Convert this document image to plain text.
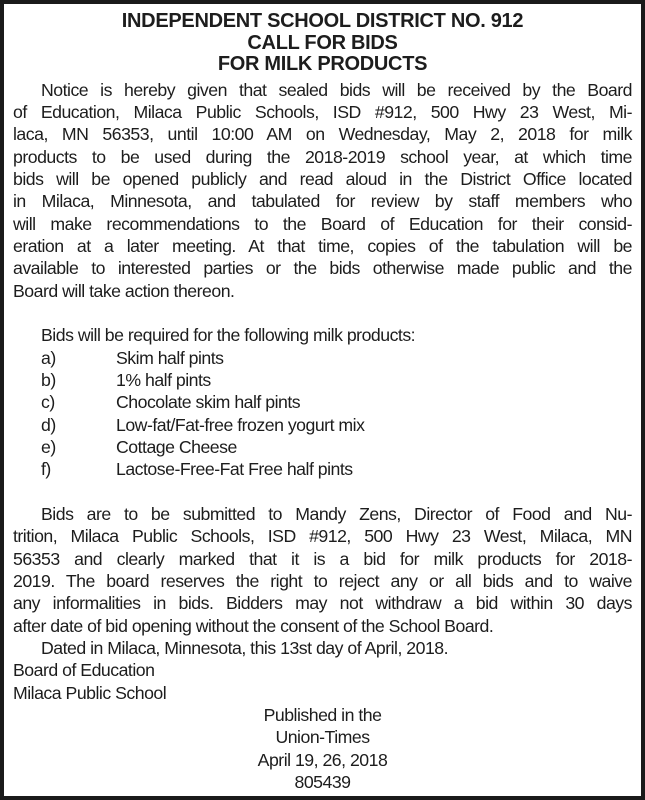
INDEPENDENT SCHOOL DISTRICT NO. 912
CALL FOR BIDS
FOR MILK PRODUCTS
Notice is hereby given that sealed bids will be received by the Board
of Education, Milaca Public Schools, ISD #912, 500 Hwy 23 West, Mi-
laca, MN 56353, until 10:00 AM on Wednesday, May 2, 2018 for milk
products to be used during the 2018-2019 school year, at which time
bids will be opened publicly and read aloud in the District Office located
in Milaca, Minnesota, and tabulated for review by staff members who
will make recommendations to the Board of Education for their consid-
eration at a later meeting. At that time, copies of the tabulation will be
available to interested parties or the bids otherwise made public and the
Board will take action thereon.
Bids will be required for the following milk products:
a)	Skim half pints
b)	1% half pints
c)	Chocolate skim half pints
d)	Low-fat/Fat-free frozen yogurt mix
e)	Cottage Cheese
f)	Lactose-Free-Fat Free half pints
Bids are to be submitted to Mandy Zens, Director of Food and Nu-
trition, Milaca Public Schools, ISD #912, 500 Hwy 23 West, Milaca, MN
56353 and clearly marked that it is a bid for milk products for 2018-
2019. The board reserves the right to reject any or all bids and to waive
any informalities in bids. Bidders may not withdraw a bid within 30 days
after date of bid opening without the consent of the School Board.
Dated in Milaca, Minnesota, this 13st day of April, 2018.
Board of Education
Milaca Public School
Published in the
Union-Times
April 19, 26, 2018
805439
